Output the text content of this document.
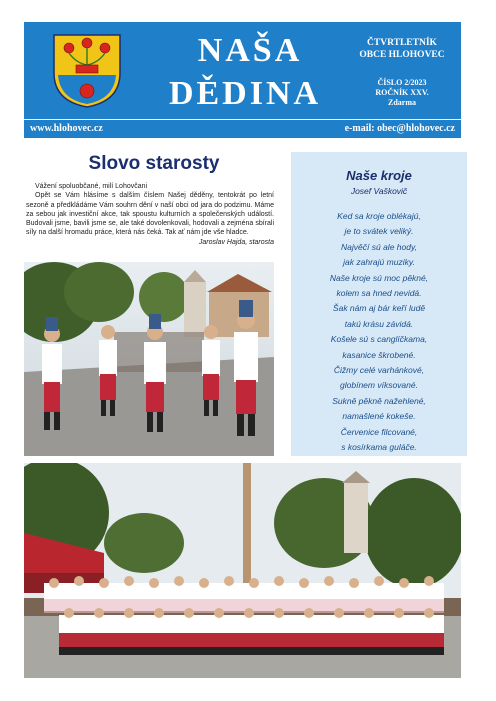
NAŠA
DĚDINA
ČTVRTLETNÍK
OBCE HLOHOVEC
ČÍSLO 2/2023
ROČNÍK XXV.
Zdarma
www.hlohovec.cz	e-mail: obec@hlohovec.cz
Slovo starosty

Vážení spoluobčané, milí Lohovčani

Opět se Vám hlásíme s dalším číslem Našej děděny, tentokrát po letní sezoně a předkládáme Vám souhrn dění v naší obci od jara do podzimu. Máme za sebou jak investiční akce, tak spoustu kulturních a společenských událostí. Budovali jsme, bavili jsme se, ale také dovolenkovali, hodovali a zejména sbírali síly na další hromadu práce, která nás čeká. Tak ať nám jde vše hladce.

Jaroslav Hajda, starosta

Naše kroje
Josef Vaškovič
Ked sa kroje oblékajú,
je to svátek veliký.
Najvěčí sú ale hody,
jak zahrajú muziky.
Naše kroje sú moc pěkné,
kolem sa hned nevidá.
Šak nám aj bár keří ludě
takú krásu závidá.
Košele sú s canglíčkama,
kasanice škrobené.
Čižmy celé varhánkové,
globínem víksované.
Sukně pěkně nažehlené,
namašlené kokeše.
Červenice filcované,
s kosírkama guláče.
